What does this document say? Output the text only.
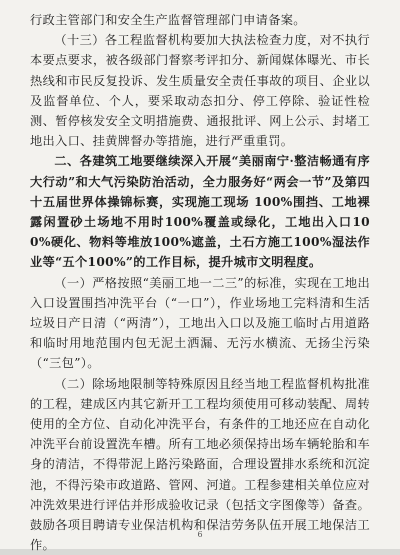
行政主管部门和安全生产监督管理部门申请备案。

（十三）各工程监督机构要加大执法检查力度，对不执行本要点要求，被各级部门督察考评扣分、新闻媒体曝光、市长热线和市民反复投诉、发生质量安全责任事故的项目、企业以及监督单位、个人，要采取动态扣分、停工停除、验证性检测、暂停核发安全文明措施费、通报批评、网上公示、封堵工地出入口、挂黄牌督办等措施，进行严重重罚。

二、各建筑工地要继续深入开展“美丽南宁·整洁畅通有序大行动”和大气污染防治活动，全力服务好“两会一节”及第四十五届世界体操锦标赛，实现施工现场 100%围挡、工地裸露闲置砂土场地不用时100%覆盖或绿化，工地出入口100%硬化、物料等堆放100%遮盖，土石方施工100%湿法作业等“五个100%”的工作目标，提升城市文明程度。

（一）严格按照“美丽工地一二三”的标准，实现在工地出入口设置围挡冲洗平台（“一口”），作业场地工完料清和生活垃圾日产日清（“两清”），工地出入口以及施工临时占用道路和临时用地范围内包无泥土洒漏、无污水横流、无扬尘污染（“三包”）。

（二）除场地限制等特殊原因且经当地工程监督机构批准的工程，建成区内其它新开工工程均须使用可移动装配、周转使用的全方位、自动化冲洗平台，有条件的工地还应在自动化冲洗平台前设置洗车槽。所有工地必须保持出场车辆轮胎和车身的清洁，不得带泥上路污染路面，合理设置排水系统和沉淀池，不得污染市政道路、管网、河道。工程参建相关单位应对冲洗效果进行评估并形成验收记录（包括文字图像等）备查。鼓励各项目聘请专业保洁机构和保洁劳务队伍开展工地保洁工作。

6
